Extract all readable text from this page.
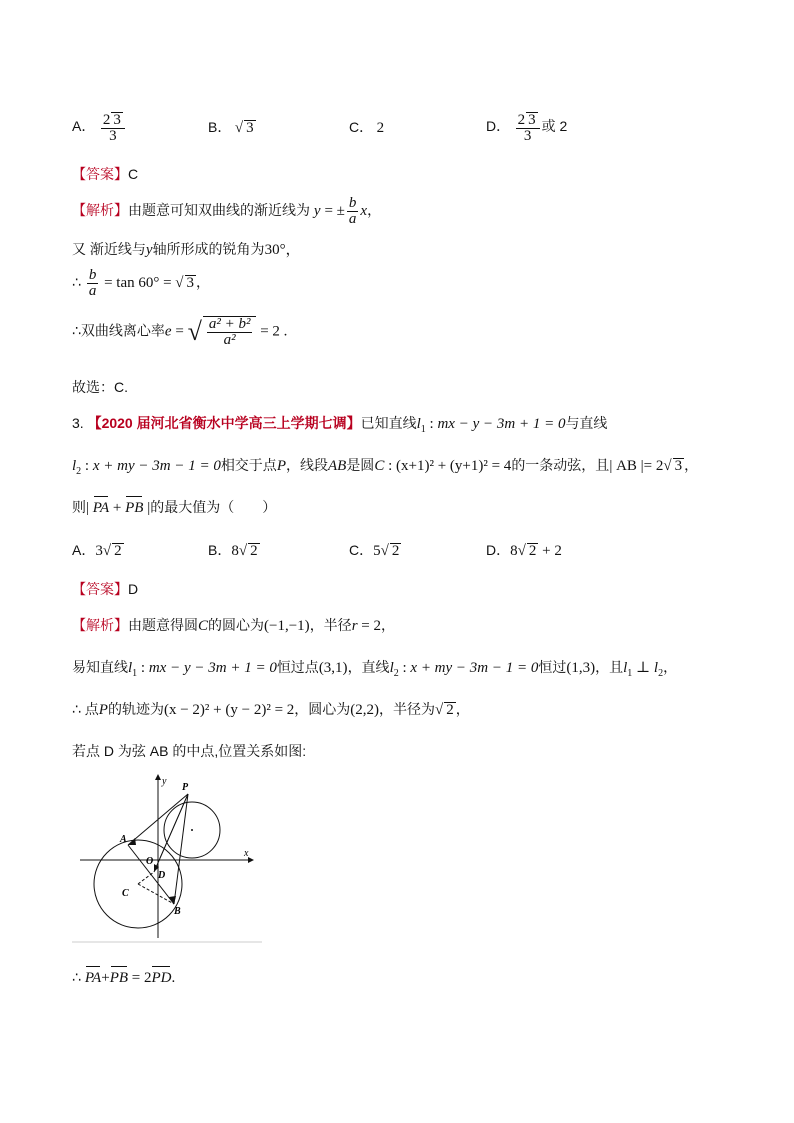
A． $\frac{2 3}{3}$	B． √ 3	C． 2	D． $\frac{2 3}{3}$ 或 2
【答案】C
【解析】由题意可知双曲线的渐近线为 y = ± $\frac{b}{a}$ x，
又 渐近线与y轴所形成的锐角为30°，
∴ $\frac{b}{a} = \tan 60^\circ$ = √ 3 ，
∴双曲线离心率e = √ $\frac{\text{a² + b²}}{\text{a²}} = 2$ .
故选：C.
3. 【2020 届河北省衡水中学高三上学期七调】已知直线$l_1$ : mx − y − 3m + 1 = 0与直线
$l_2$ : x + my − 3m − 1 = 0相交于点P，线段AB是圆C : (x+1)² + (y+1)² = 4的一条动弦，且| AB |= 2√ 3 ，
则| PA + PB |的最大值为（　　）
A．3√ 2	B．8√ 2	C．5√ 2	D．8√ 2 + 2
【答案】D
【解析】由题意得圆C的圆心为(−1,−1)，半径r = 2，
易知直线$l_1$ : mx − y − 3m + 1 = 0恒过点(3,1)，直线$l_2$ : x + my − 3m − 1 = 0恒过(1,3)，且$l_1$ ⊥ $l_2$，
∴ 点P的轨迹为(x − 2)² + (y − 2)² = 2，圆心为(2,2)，半径为√ 2 ，
若点 D 为弦 AB 的中点,位置关系如图:
P
A
O
D
C
B
x
y
∴ PA+PB = 2PD.
